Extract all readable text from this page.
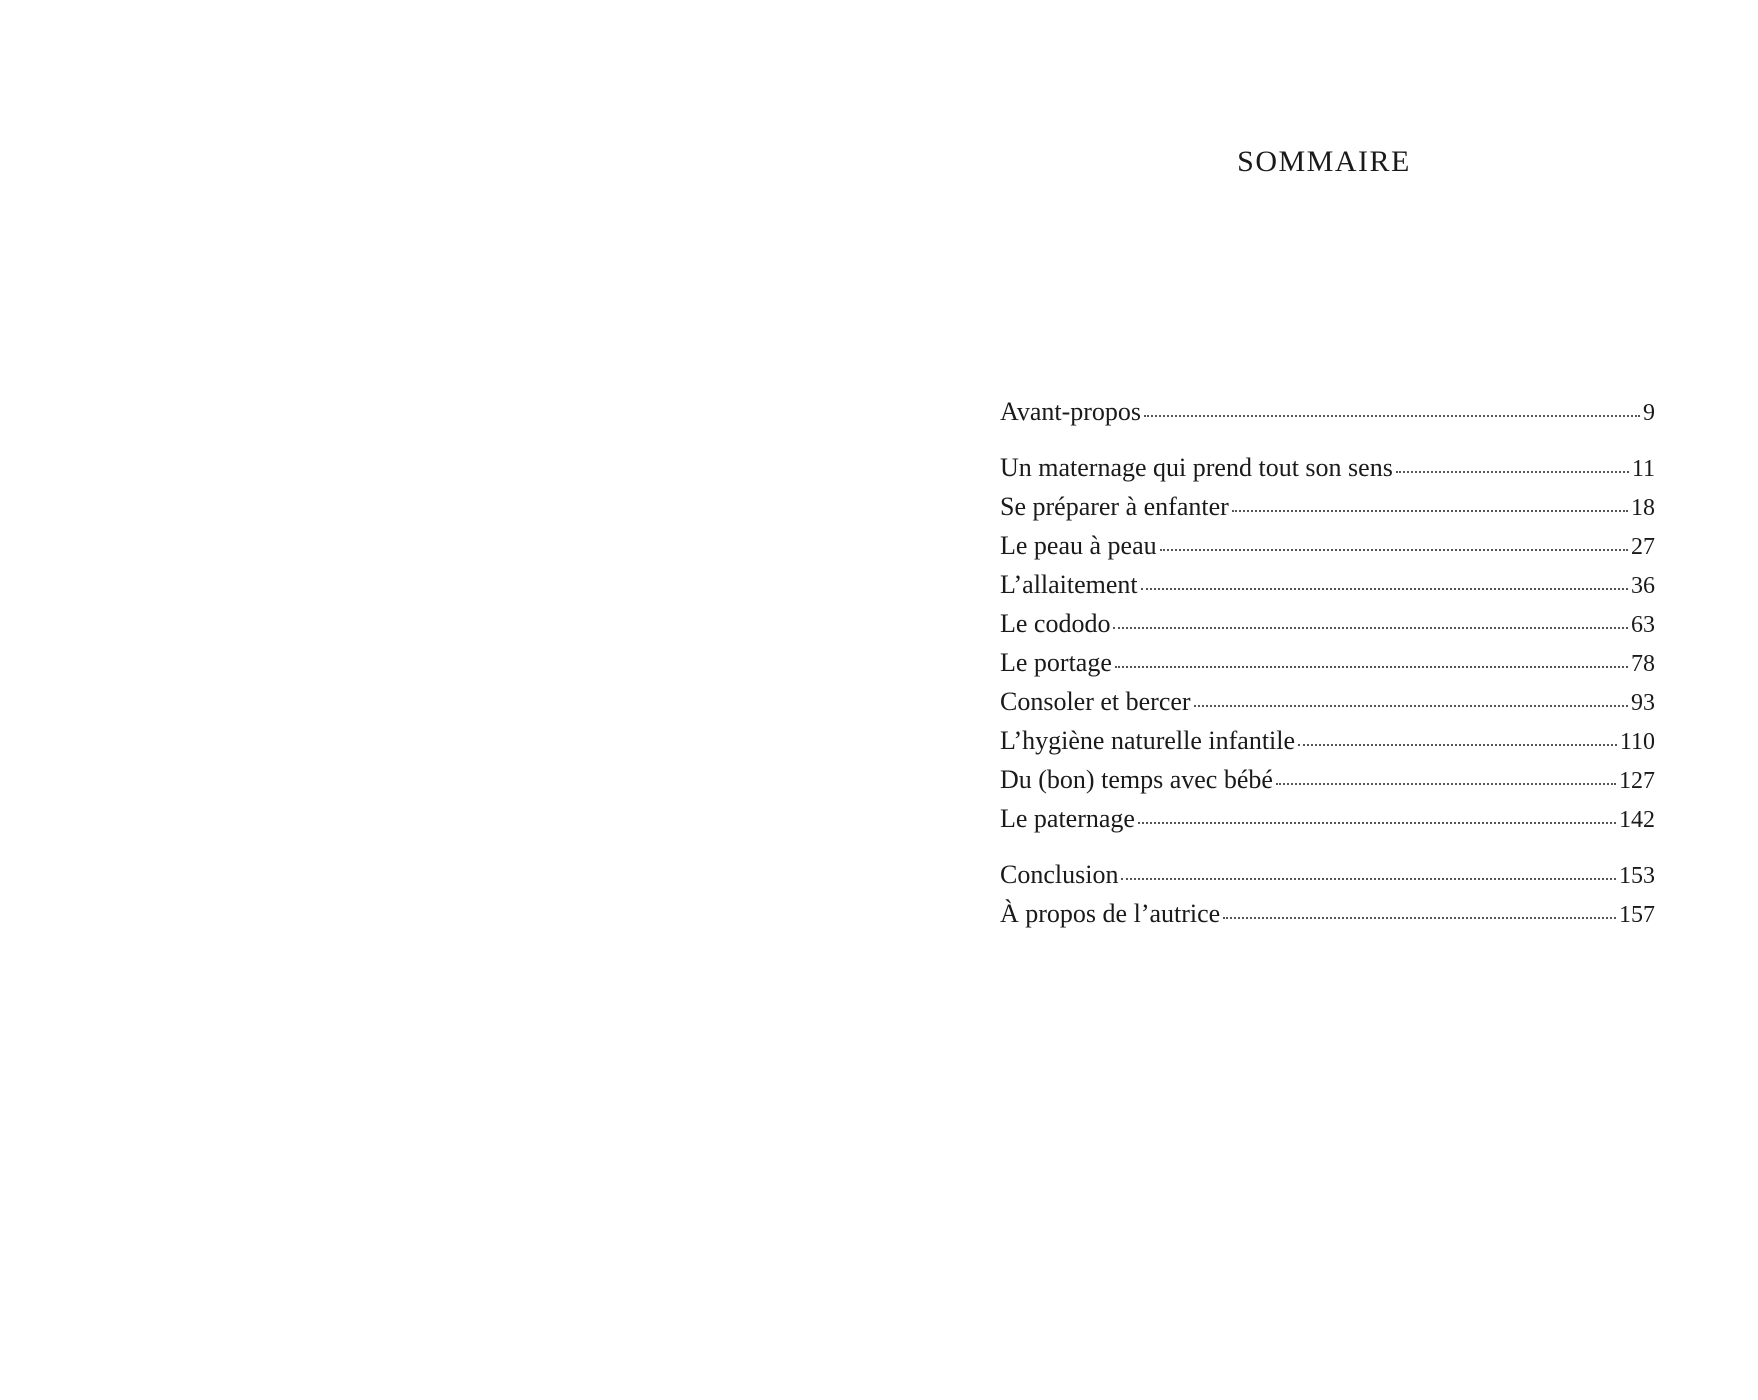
SOMMAIRE
Avant-propos	9
Un maternage qui prend tout son sens	11
Se préparer à enfanter	18
Le peau à peau	27
L’allaitement	36
Le cododo	63
Le portage	78
Consoler et bercer	93
L’hygiène naturelle infantile	110
Du (bon) temps avec bébé	127
Le paternage	142
Conclusion	153
À propos de l’autrice	157
